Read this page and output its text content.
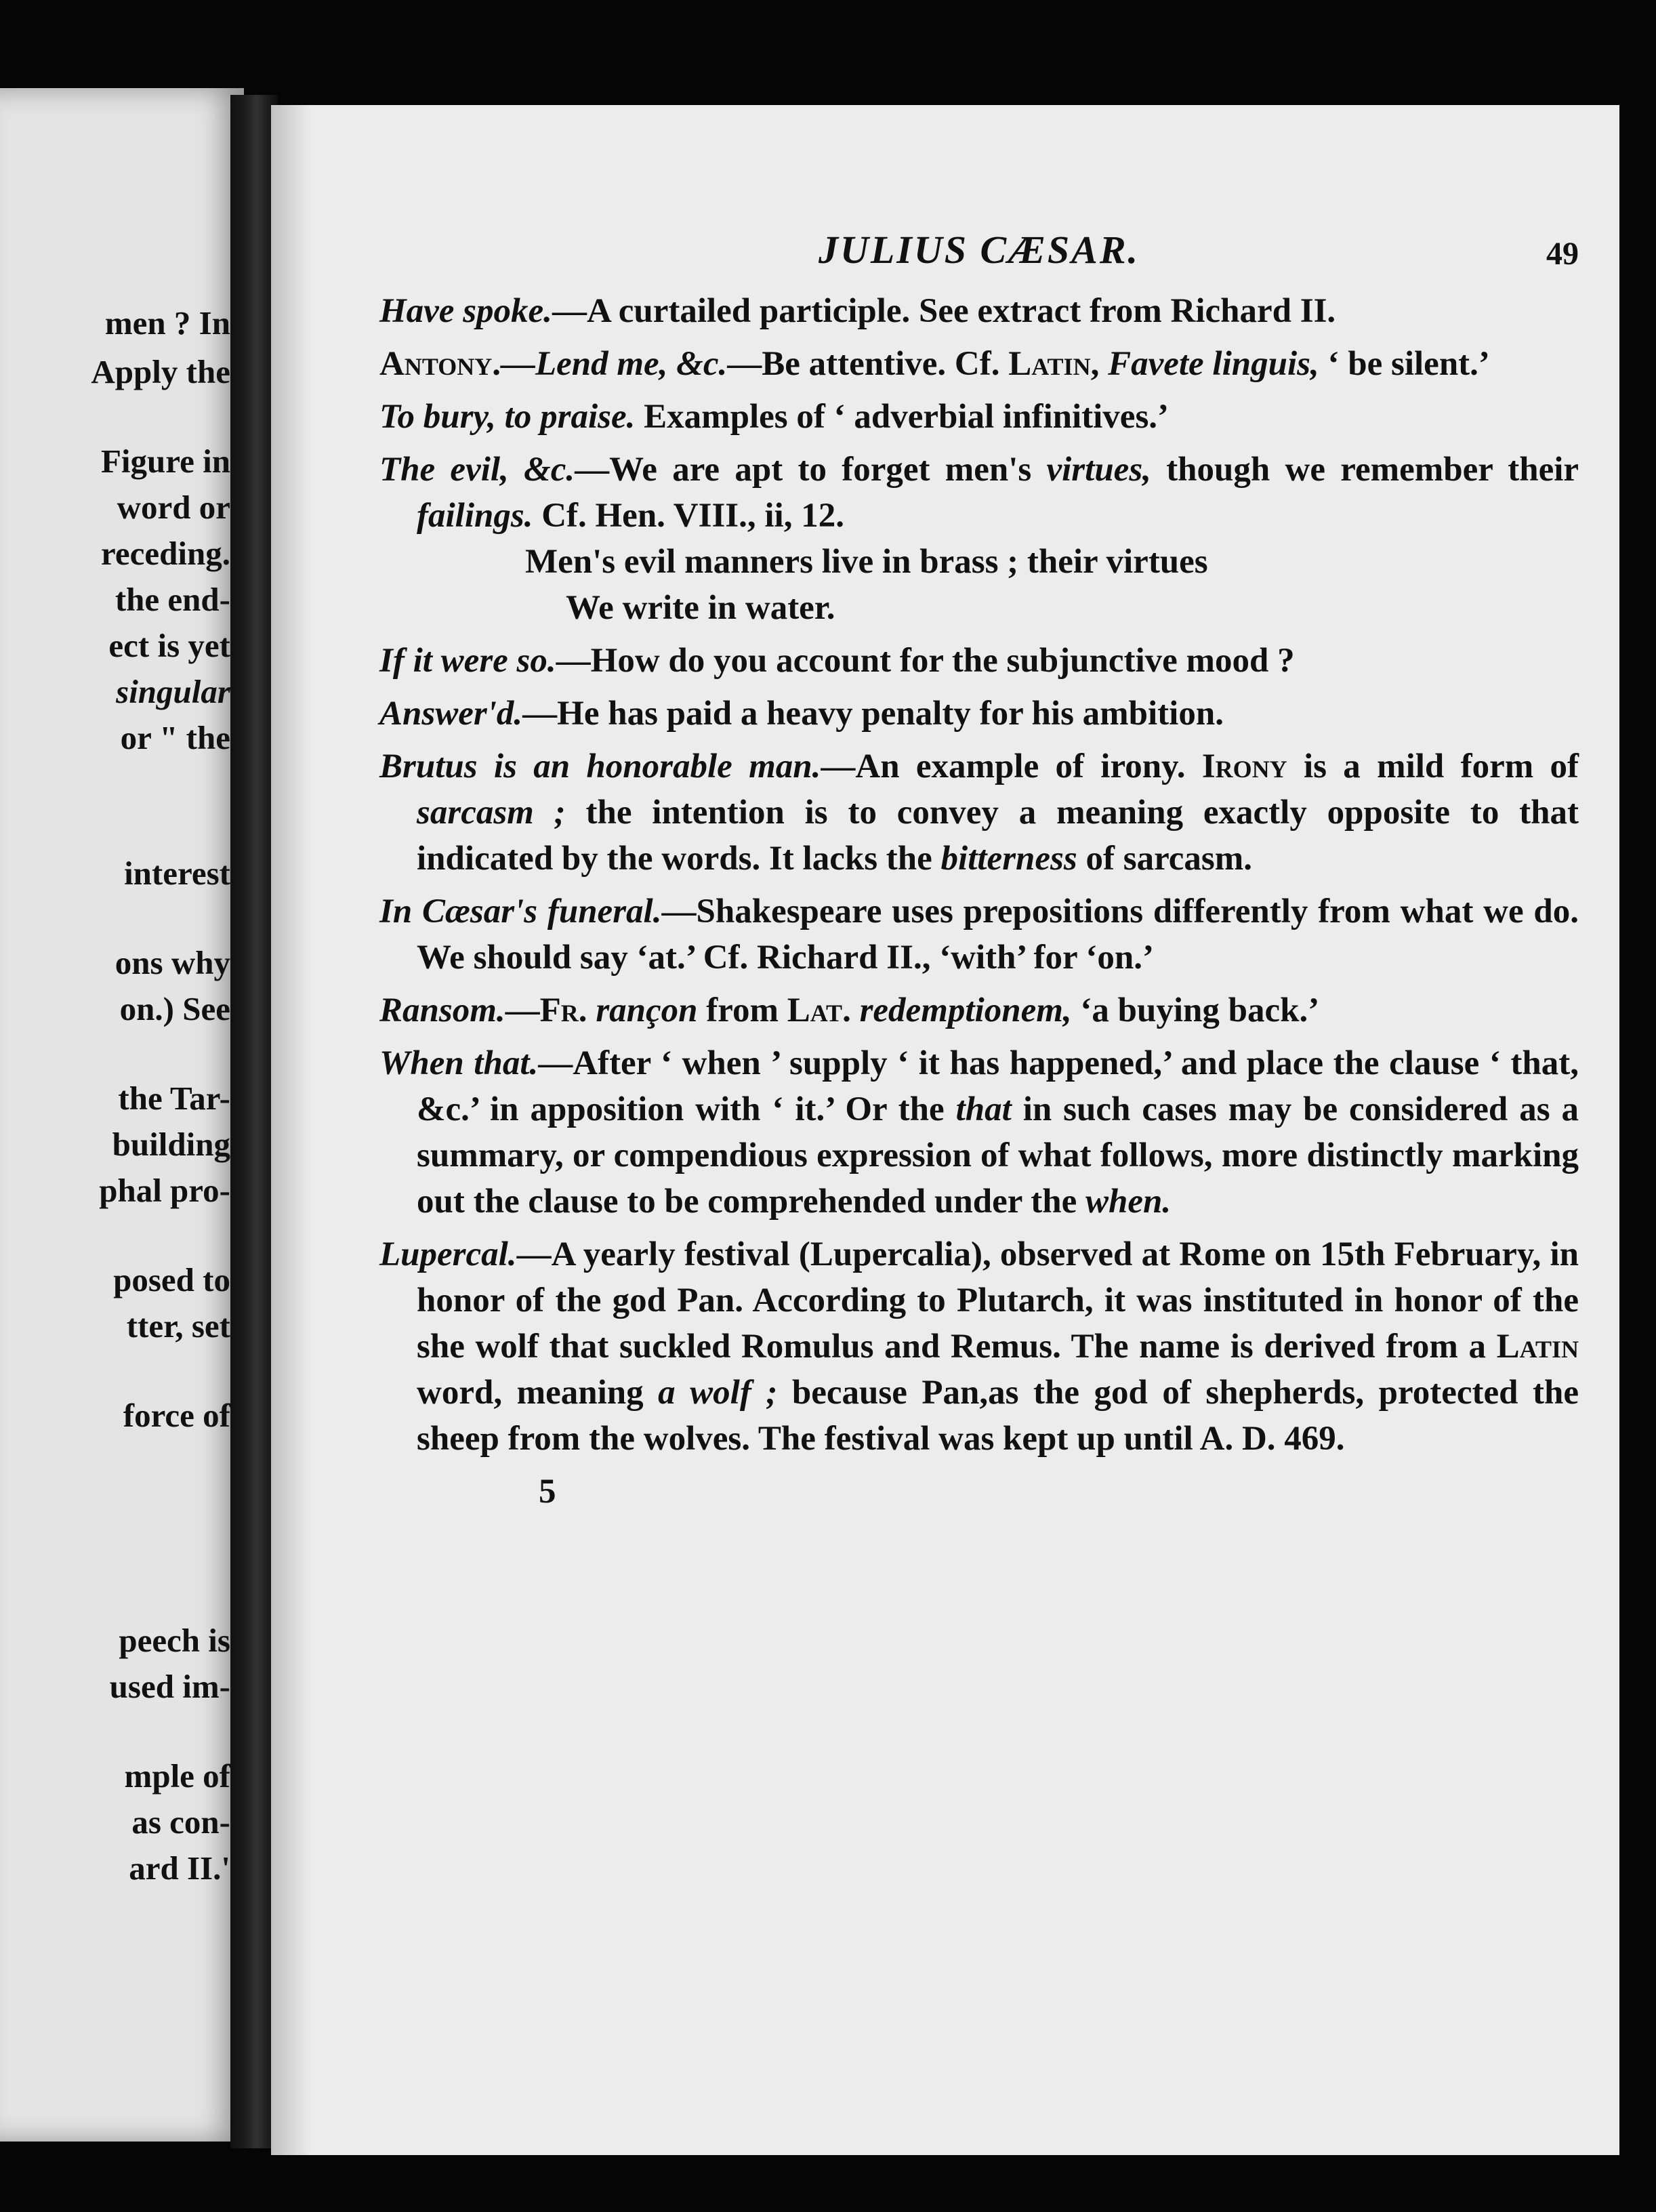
men ? In
Apply the
Figure in
word or
receding.
the end-
ect is yet
singular
or " the
interest
ons why
on.) See
the Tar-
building
phal pro-
posed to
tter, set
force of
peech is
used im-
mple of
as con-
ard II.'
JULIUS CÆSAR.	49

Have spoke.—A curtailed participle. See extract from Richard II.

Antony.—Lend me, &c.—Be attentive. Cf. Latin, Favete linguis, ‘ be silent.’

To bury, to praise. Examples of ‘ adverbial infinitives.’

The evil, &c.—We are apt to forget men's virtues, though we remember their failings. Cf. Hen. VIII., ii, 12.
Men's evil manners live in brass ; their virtues
We write in water.

If it were so.—How do you account for the subjunctive mood ?

Answer'd.—He has paid a heavy penalty for his ambition.

Brutus is an honorable man.—An example of irony. Irony is a mild form of sarcasm ; the intention is to convey a meaning exactly opposite to that indicated by the words. It lacks the bitterness of sarcasm.

In Cæsar's funeral.—Shakespeare uses prepositions differently from what we do. We should say ‘at.’ Cf. Richard II., ‘with’ for ‘on.’

Ransom.—Fr. rançon from Lat. redemptionem, ‘a buying back.’

When that.—After ‘ when ’ supply ‘ it has happened,’ and place the clause ‘ that, &c.’ in apposition with ‘ it.’ Or the that in such cases may be considered as a summary, or compendious expression of what follows, more distinctly marking out the clause to be comprehended under the when.

Lupercal.—A yearly festival (Lupercalia), observed at Rome on 15th February, in honor of the god Pan. According to Plutarch, it was instituted in honor of the she wolf that suckled Romulus and Remus. The name is derived from a Latin word, meaning a wolf ; because Pan,as the god of shepherds, protected the sheep from the wolves. The festival was kept up until A. D. 469.

5
